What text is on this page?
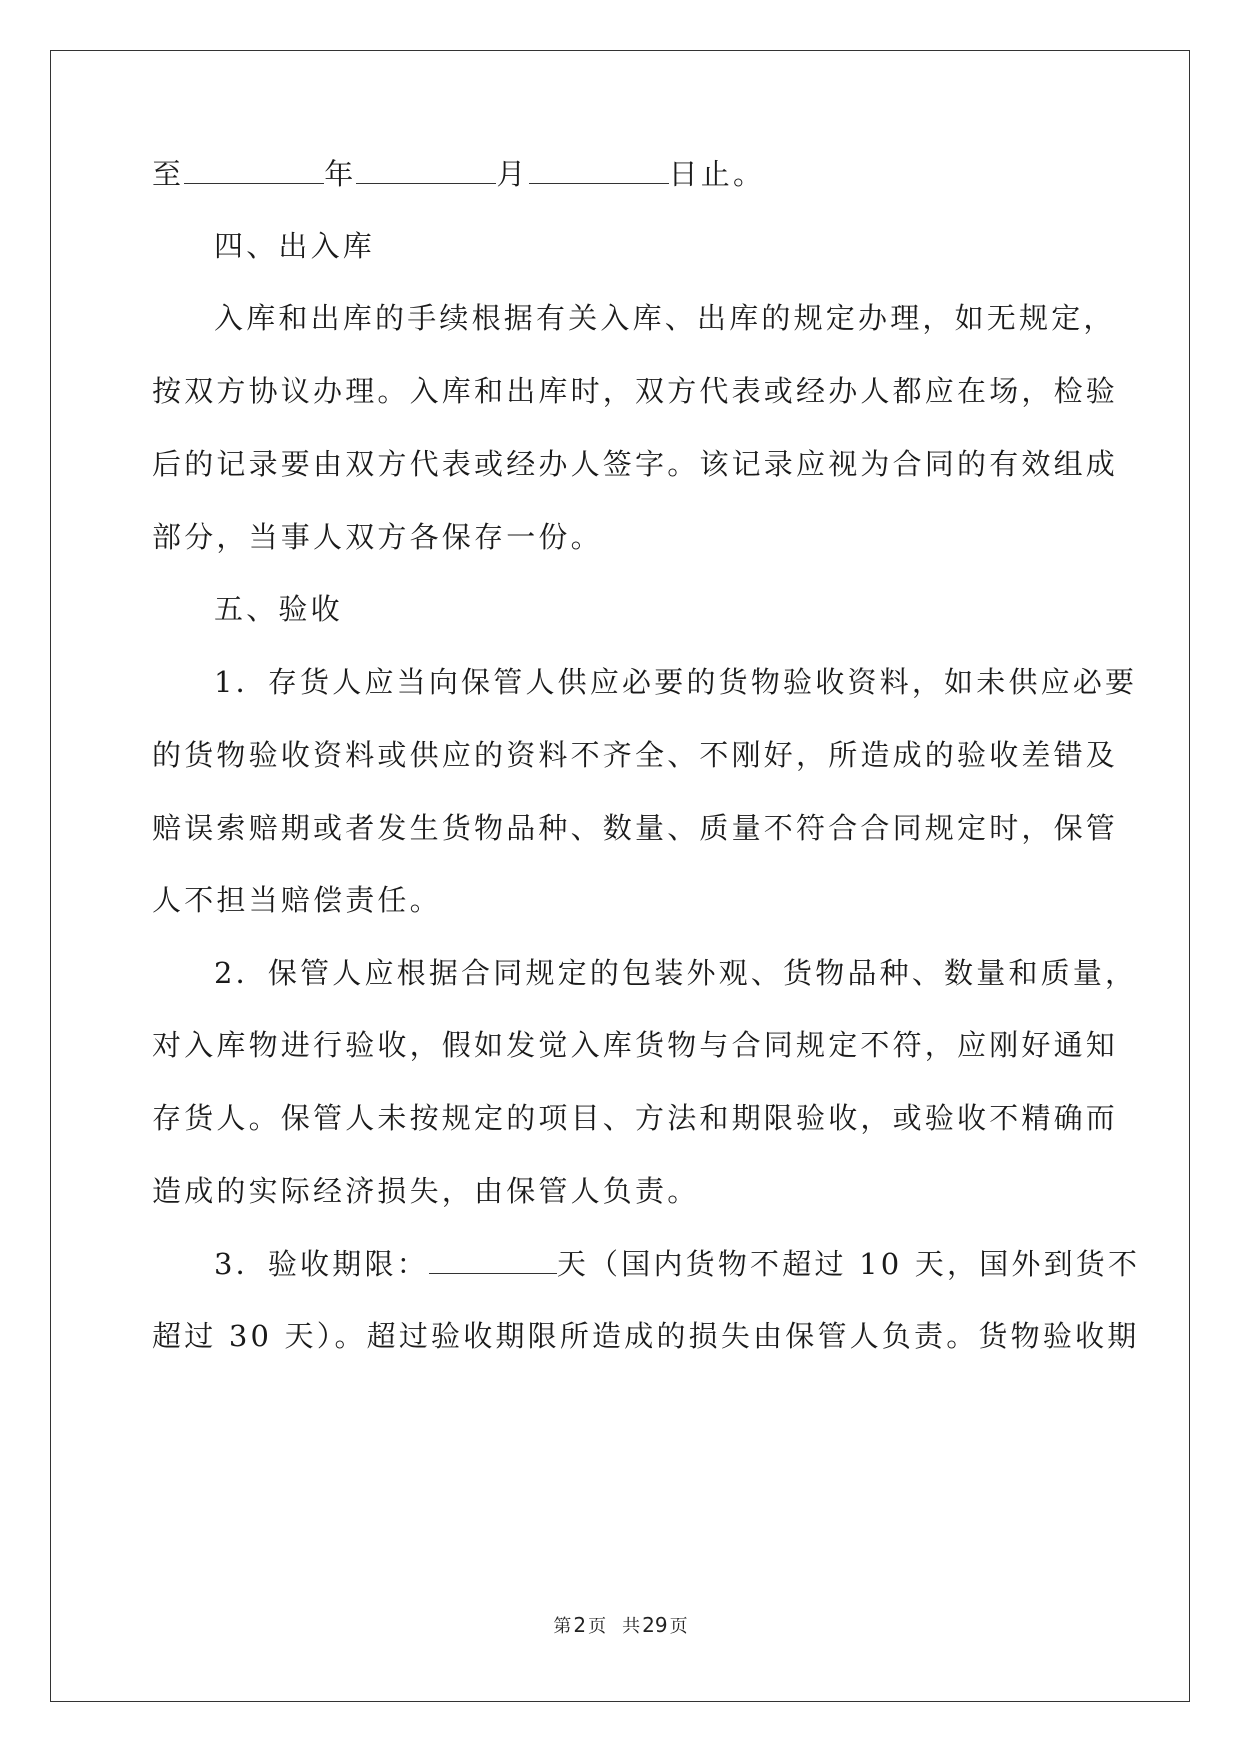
至	年	月	日止。
四、出入库
入库和出库的手续根据有关入库、出库的规定办理，如无规定，
按双方协议办理。入库和出库时，双方代表或经办人都应在场，检验
后的记录要由双方代表或经办人签字。该记录应视为合同的有效组成
部分，当事人双方各保存一份。
五、验收
1．存货人应当向保管人供应必要的货物验收资料，如未供应必要
的货物验收资料或供应的资料不齐全、不刚好，所造成的验收差错及
赔误索赔期或者发生货物品种、数量、质量不符合合同规定时，保管
人不担当赔偿责任。
2．保管人应根据合同规定的包装外观、货物品种、数量和质量，
对入库物进行验收，假如发觉入库货物与合同规定不符，应刚好通知
存货人。保管人未按规定的项目、方法和期限验收，或验收不精确而
造成的实际经济损失，由保管人负责。
3．验收期限：	天（国内货物不超过 10 天，国外到货不
超过 30 天）。超过验收期限所造成的损失由保管人负责。货物验收期
第 2 页 共 29 页
